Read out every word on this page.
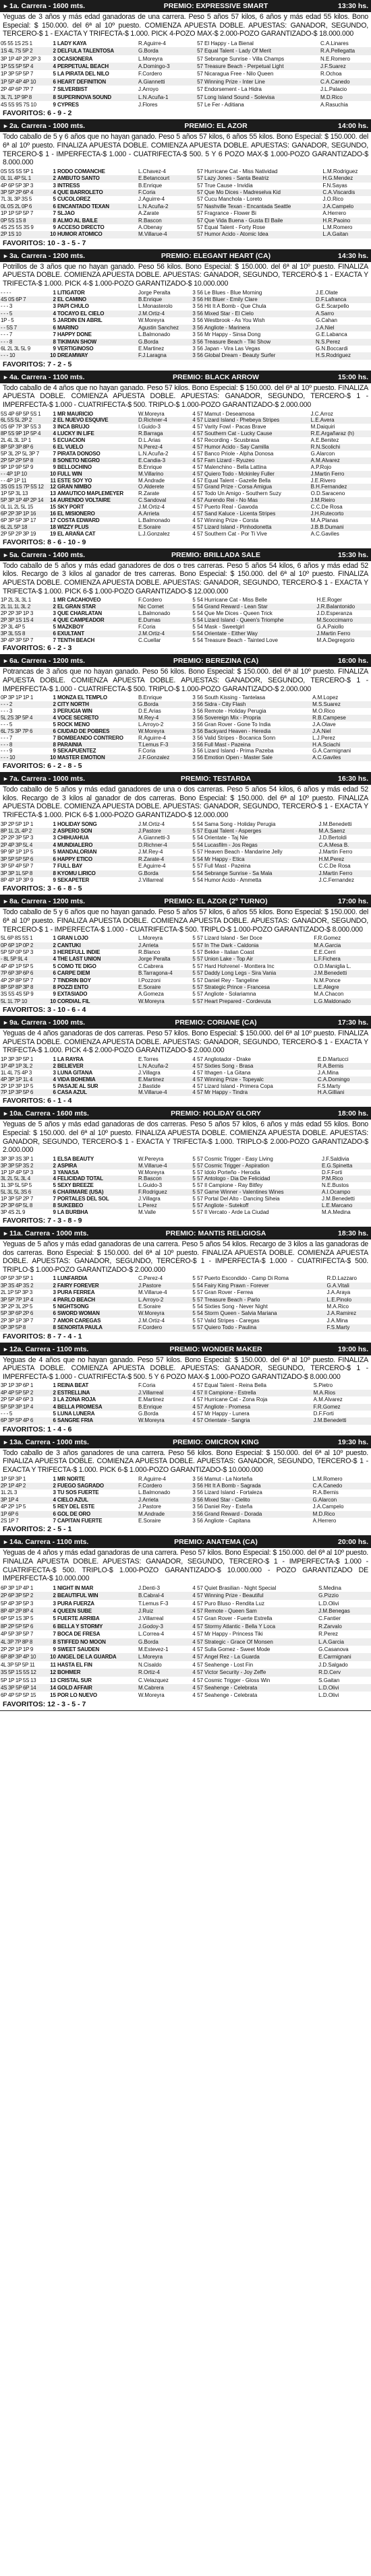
► 1a. Carrera - 1600 mts.	PREMIO: EXPRESSIVE SMART	13:30 hs.
Yeguas de 3 años y más edad ganadoras de una carrera. Peso 5 años 57 kilos, 6 años y más edad 55 kilos. Bono Especial: $ 150.000. del 6ª al 10º puesto. COMIENZA APUESTA DOBLE. APUESTAS: GANADOR, SEGUNDO, TERCERO-$ 1 - EXACTA Y TRIFECTA-$ 1.000. PICK 4-POZO MAX-$ 2.000-POZO GARANTIZADO-$ 18.000.000
05 55 1S 2S 1	1	LADY KAYA	R.Aguirre-4	57	El Happy - La Bienal	C.A.Linares
1S 4L 7S 5P 2	2	DELFULA TALENTOSA	G.Borda	57	Equal Talent - Lady Of Merit	R.A.Pellegatta
3P 1P 4P 2P 2P 3	3	OCASIONERA	L.Moreyra	57	Sebrange Sunrise - Villa Champs	N.E.Romero
1P 5S 5P 5P 4	4	PERPETUAL BEACH	A.Domingo-3	57	Treasure Beach - Perpetual Light	J.F.Suarez
1P 3P 5P 5P 7	5	LA PIRATA DEL NILO	F.Cordero	57	Nicaragua Free - Nilo Queen	R.Ochoa
1P 5P 4P 4P 10	6	HEART DEFINITION	A.Giannetti	57	Winning Prize - Inter Line	C.A.Canedo
2P 4P 6P 7P 7	7	SILVERBIST	J.Arroyo	57	Endorsement - La Hidra	J.L.Palacio
3L 7L 1P 9P 8	8	SUPERINOVA SOUND	L.N.Acuña-1	57	Long Island Sound - Solevisa	M.D.Rico
4S 5S 9S 7S 10	9	CYPRES	J.Flores	57	Le Fer - Aditiana	A.Rasuchia
FAVORITOS: 6 - 9 - 2
► 2a. Carrera - 1000 mts.	PREMIO: EL AZOR	14:00 hs.
Todo caballo de 5 y 6 años que no hayan ganado. Peso 5 años 57 kilos, 6 años 55 kilos. Bono Especial: $ 150.000. del 6ª al 10º puesto. FINALIZA APUESTA DOBLE. COMIENZA APUESTA DOBLE. APUESTAS: GANADOR, SEGUNDO, TERCERO-$ 1 - IMPERFECTA-$ 1.000 - CUATRIFECTA-$ 500. 5 Y 6 POZO MAX-$ 1.000-POZO GARANTIZADO-$ 8.000.000
0S 5S 5S 5P 1	1	RODO COMANCHE	L.Chavez-4	57	Hurricane Cat - Miss Natividad	L.M.Rodriguez
0L 1L 4P 5L 1	2	AMBUTO SANTO	E.Betancourt	57	Lazy Jones - Santa Beatriz	H.G.Mendez
4P 6P 5P 3P 3	3	INTRESS	B.Enrique	57	True Cause - Invidia	F.N.Sayas
3P 5P 2P 6P 4	4	QUE BARROLETO	F.Coria	57	Que Mo Dices - Madreselva Kid	C.A.Viscardis
7L 3L 3P 3S 5	5	CUCOLOREZ	J.Aguirre-4	57	Cucu Manchola - Loreto	J.O.Rico
0L 0S 2L 0P 6	6	ENCANTADO TEXAN	L.N.Acuña-2	57	Nashville Texan - Encantada Seattle	J.A.Campelo
1P 1P 5P 5P 7	7	SLJAO	A.Zarate	57	Fragrance - Flower Bi	A.Herrero
0P 5S 1S 8	8	ALMO AL BAILE	R.Bascon	57	Que Vida Buena - Gusta El Baile	H.R.Paoino
4S 2S 5S 3S 9	9	ACCESO DIRECTO	A.Obenay	57	Equal Talent - Forty Rose	L.M.Romero
2P 1S 10	10	HUMOR ATOMICO	M.Villarue-4	57	Humor Acido - Atomic Idea	L.A.Gaitan
FAVORITOS: 10 - 3 - 5 - 7
► 3a. Carrera - 1200 mts.	PREMIO: ELEGANT HEART (CA)	14:30 hs.
Potrillos de 3 años que no hayan ganado. Peso 56 kilos. Bono Especial: $ 150.000. del 6ª al 10º puesto. FINALIZA APUESTA DOBLE. COMIENZA APUESTA DOBLE. APUESTAS: GANADOR, SEGUNDO, TERCERO-$ 1 - EXACTA Y TRIFECTA-$ 1.000. PICK 4-$ 1.000-POZO GARANTIZADO-$ 10.000.000
- - - -	1	LITIGATOR	Jorge Peralta	3 56	Le Blues - Blue Morning	J.E.Olate
4S 0S 6P 7	2	EL CAMINO	B.Enrique	3 56	Hit Bluer - Emily Clare	D.F.Lafranca
- - - 3	3	PAPI CHULO	L.Monasterolo	3 56	Hit It A Bomb - Que Chula	G.E.Scarpello
- - - 5	4	TOCAYO EL CIELO	J.M.Ortiz-4	3 56	Mixed Star - El Cielo	A.Sarro
1P - 5	5	JARDIN EN ABRIL	W.Moreyra	3 56	Westbrook - As You Wish	G.Cahan
- - 5S 7	6	MARINO	Agustin Sanchez	3 56	Angliote - Marinera	J.A.Niel
- - - 7	7	HAPPY DONE	L.Balmonado	3 56	Mr Happy - Sinsa Dong	G.E.Labanca
- - - 8	8	TIKIMAN SHOW	G.Borda	3 56	Treasure Beach - Tiki Show	N.S.Perez
6L 2L 3L 5L 9	9	VERTIGINOSO	E.Martinez	3 56	Japan - Vira Las Vegas	G.N.Boccardi
- - - 10	10	DREAMWAY	F.J.Laragna	3 56	Global Dream - Beauty Surfer	H.S.Rodriguez
FAVORITOS: 7 - 2 - 5
► 4a. Carrera - 1100 mts.	PREMIO: BLACK ARROW	15:00 hs.
Todo caballo de 4 años que no hayan ganado. Peso 57 kilos. Bono Especial: $ 150.000. del 6ª al 10º puesto. FINALIZA APUESTA DOBLE. COMIENZA APUESTA DOBLE. APUESTAS: GANADOR, SEGUNDO, TERCERO-$ 1 - IMPERFECTA-$ 1.000 - CUATRIFECTA-$ 500. TRIPLO-$ 1.000-POZO GARANTIZADO-$ 2.000.000
5S 4P 6P 5P 5S 1	1	MR MAURICIO	W.Moreyra	4 57	Mamut - Deseamosa	J.C.Arroz
6L 5S 5L 2P 2	2	EL NUEVO ESQUIVE	D.Richner-4	4 57	Lizard Island - Phebeya Stripes	L.E.Avera
0S 6P 7P 3P 5S 3	3	INCA BRUJO	I.Guido-3	4 57	Varity Fowl - Pacas Brave	M.Daiquiri
8P 5S 9P 1P 5P 4	4	LUCKY IN LIFE	R.Barraga	4 57	Southern Cat - Lucky Cause	R.E.Argañaraz (h)
2L 4L 3L 1P 1	5	ECUACION	D.L.Arias	4 57	Recording - Scusbrasa	A.E.Benitez
8P 5P 3P 8P 6	6	EL VUELO	N.Perez-4	4 57	Humor Acido - Say Camilla	R.N.Scolichi
5P 3L 2P 5L 3P 7	7	PIRATA DONOSO	L.N.Acuña-2	4 57	Banco Priole - Alpha Donosa	G.Alarcon
2P 5P 2P 5P 8	8	SONETO NEGRO	E.Candia-3	4 57	Fam Lizard - Ryuzeo	A.M.Alvarez
9P 1P 9P 5P 9	9	BELLOCHINO	B.Enrique	4 57	Malenchino - Bella Lattina	A.P.Rojo
- - 4P 1P 10	10	FULL WIN	M.Villarino	4 57	Quiero Todo - Mckinley Fuller	J.Martin Ferro
- - 4P 1P 11	11	ESTE SOY YO	M.Andrade	4 57	Equal Talent - Gazelle Bella	J.E.Rivero
3S 0S 1S 7P 5S 12	12	GRAN NIMBO	O.Alderete	4 57	Grand Prize - Corsa Amigua	B.H.Fernandez
1P 5P 3L 13	13	AMAUTICO MAPLEMEYER	R.Zarate	4 57	Todo Un Amigo - Southern Suzy	O.D.Saraceno
5P 3P 1P 4P 2P 14	14	AURENDO VOLTAIRE	C.Sandoval	4 57	Aurendo Rei - No Mas	J.M.Rieiro
0L 1L 2L 5L 15	15	SKY PORT	J.M.Ortiz-4	4 57	Puerto Real - Gawoda	C.C.De Rosa
6P 2P 3P 1P 16	16	EL MISIONERO	A.Arrieta	4 57	Sand Kaluce - Licenta Stripes	J.H.Rutecorto
6P 3P 5P 3P 17	17	COSTA EDWARD	L.Balmonado	4 57	Winning Prize - Corsta	M.A.Planas
6L 2L 5P 18	18	WIZZY PLUS	E.Soraire	4 57	Lizard Island - Pinhodonetta	J.B.B.Dumani
2P 5P 2P 3P 19	19	EL ARAÑA CAT	L.J.Gonzalez	4 57	Southern Cat - Por Ti Vive	A.C.Gaviles
FAVORITOS: 8 - 6 - 10 - 9
► 5a. Carrera - 1400 mts.	PREMIO: BRILLADA SALE	15:30 hs.
Todo caballo de 5 años y más edad ganadores de dos o tres carreras. Peso 5 años 54 kilos, 6 años y más edad 52 kilos. Recargo de 3 kilos al ganador de tres carreras. Bono Especial: $ 150.000. del 6ª al 10º puesto. FINALIZA APUESTA DOBLE. COMIENZA APUESTA DOBLE. APUESTAS: GANADOR, SEGUNDO, TERCERO-$ 1 - EXACTA Y TRIFECTA-$ 1.000. PICK 6-$ 1.000-POZO GARANTIZADO-$ 12.000.000
1P 2L 3L 3L 1	1	MR CACAHOVEO	F.Cordero	5 54	Hurricane Cat - Miss Belle	H.E.Roger
2L 1L 1L 3L 2	2	EL GRAN STAR	Nic Cornet	5 54	Grand Reward - Lean Star	J.R.Balantonido
2P 2P 3P 1P 3	3	QUE CHARLATAN	L.Balmonado	5 54	Que Me Dices - Queen Trick	J.D.Esperanza
2P 3P 1S 1S 4	4	QUE CAMPEADOR	E.Dumas	5 54	Lizard Island - Queen's Triomphe	M.Scoccimarro
2P 3L 4P 5	5	MAZKBOY	F.Coria	5 54	Mask - Sweetgirl	G.A.Paiollo
3P 3L 5S 8	6	EXULTANT	J.M.Ortiz-4	5 54	Orientate - Either Way	J.Martin Ferro
3P 4P 3P 5P 7	7	TENTH BEACH	C.Cuellar	5 54	Treasure Beach - Tainted Love	M.A.Degregorio
FAVORITOS: 6 - 2 - 3
► 6a. Carrera - 1200 mts.	PREMIO: BEREZINA (CA)	16:00 hs.
Potrancas de 3 años que no hayan ganado. Peso 56 kilos. Bono Especial: $ 150.000. del 6ª al 10º puesto. FINALIZA APUESTA DOBLE. COMIENZA APUESTA DOBLE. APUESTAS: GANADOR, SEGUNDO, TERCERO-$ 1 - IMPERFECTA-$ 1.000 - CUATRIFECTA-$ 500. TRIPLO-$ 1.000-POZO GARANTIZADO-$ 2.000.000
0P 3P 1P 1P 1	1	MONZA EL TEMPLO	B.Enrique	3 56	South Kissing - Tantelasa	A.M.Lopez
- - - 2	2	CITY NORTH	G.Borda	3 56	Sidra - City Flash	M.S.Suarez
- - - 3	3	PERUGIA WIN	D.E.Arias	3 56	Remote - Holiday Perugia	M.O.Rico
5L 2S 3P 5P 4	4	VOCE SECRETO	M.Rey-4	3 56	Sovereign Mix - Propria	R.B.Campese
- - - 5	5	ROCK MENO	L.Arroyo-2	3 56	Gran Rover - Gone To India	J.A.Olave
6L 7S 3P 7P 6	6	CIUDAD DE POBRES	W.Moreyra	3 56	Backyard Heaven - Heredia	J.A.Niel
- - - 7	7	BOMBEANDO CONTRERO	R.Aguirre-4	3 56	Valid Stripes - Bocanica Sonn	L.J.Perez
- - - 8	8	PARAINIA	T.Lemus F-3	3 56	Full Mast - Pazeina	H.A.Sciachi
- - - 9	9	SEKAPUENTEZ	F.Coria	3 56	Lizard Island - Prima Pazeba	G.A.Carmignani
- - - 10	10	MASTER EMOTION	J.F.Gonzalez	3 56	Emotion Open - Master Sale	A.C.Gaviles
FAVORITOS: 6 - 2 - 8 - 5
► 7a. Carrera - 1000 mts.	PREMIO: TESTARDA	16:30 hs.
Todo caballo de 5 años y más edad ganadores de una o dos carreras. Peso 5 años 54 kilos, 6 años y más edad 52 kilos. Recargo de 3 kilos al ganador de dos carreras. Bono Especial: $ 150.000. del 6ª al 10º puesto. FINALIZA APUESTA DOBLE. COMIENZA APUESTA DOBLE. APUESTAS: GANADOR, SEGUNDO, TERCERO-$ 1 - EXACTA Y TRIFECTA-$ 1.000. PICK 6-$ 1.000-POZO GARANTIZADO-$ 12.000.000
3P 2P 5P 1P 1	1	HOLIDAY SONG	J.M.Ortiz-4	5 54	Sama Song - Holiday Perugia	J.M.Benedetti
8P 1L 2L 4P 2	2	ASPERO SON	J.Pastore	5 57	Equal Talent - Asperges	M.A.Saenz
2P 2P 3P 5P 3	3	CHIHUAHUA	A.Giannetti-3	5 54	Orientate - Taj Nie	J.D.Bertoldi
2P 4P 3P 5L 4	4	MUNDIALERO	D.Richner-4	5 54	Lucasfilm - Jos Regas	C.A.Mesa B.
9P 9P 1P 1P 5	5	MANDALORIAN	J.M.Rey-4	5 57	Heaven Beach - Mandarine Jelly	J.Martin Ferro
3P 5P 5P 5P 6	6	HAPPY ETICO	R.Zarate-4	5 54	Mr Happy - Etica	H.M.Perez
3P 5P 4P 5P 7	7	FULL BAY	E.Aguirre-4	5 57	Full Mast - Pazeina	C.C.De Rosa
3P 3P 1L 5P 8	8	KYOMU LIRICO	G.Borda	5 54	Sebrange Sunrise - Sa Mala	J.Martin Ferro
8P 4P 1P 3P 9	9	SEKAPETER	J.Villarreal	5 54	Humor Acido - Ammetta	J.C.Fernandez
FAVORITOS: 3 - 6 - 8 - 5
► 8a. Carrera - 1200 mts.	PREMIO: EL AZOR (2º TURNO)	17:00 hs.
Todo caballo de 5 y 6 años que no hayan ganado. Peso 5 años 57 kilos, 6 años 55 kilos. Bono Especial: $ 150.000. del 6ª al 10º puesto. FINALIZA APUESTA DOBLE. COMIENZA APUESTA DOBLE. APUESTAS: GANADOR, SEGUNDO, TERCERO-$ 1 - IMPERFECTA-$ 1.000 - CUATRIFECTA-$ 500. TRIPLO-$ 1.000-POZO GARANTIZADO-$ 8.000.000
5L 6P 8S 5S 1	1	GRAN LOJO	L.Moreyra	5 57	Lizard Island - Ser Doce	F.R.Gomez
0P 6P 1P 0P 2	2	CANTUKI	J.Arrieta	5 57	In The Dark - Caldonia	M.A.Garcia
5P 5P 0P 5P 3	3	HEREFULL INDIE	R.Blanco	5 57	Bekke - Italian Coast	E.E.Cerri
- 8L 5P 9L 4	4	THE LAST UNION	Jorge Peralta	5 57	Union Lake - Top Air	L.F.Fichera
4P 4P 1P 5P 5	5	COMO TE DIGO	C.Cabrera	5 57	Hard Hohrenel - Monttera Inc	O.D.Maniglia L.
7P 6P 3P 6P 6	6	CARPE DIEM	B.Tarragona-4	5 57	Daddy Long Legs - Sira Vania	J.M.Benedetti
4P 2P 8P 5P 7	7	TINDRIN BOY	I.Pozzoni	5 57	Daniel Rey - Tangeline	N.M.Ponce
8P 5P 8P 3P 8	8	POZZI ENTO	E.Soraire	5 57	Strategic Prince - Francesa	L.E.Alegre
3S 5S 4S 5P 9	9	EXTASIADO	A.Gomeza	5 57	Angliote - Solariamna	M.A.Chacon
5L 1L 7P 10	10	CORDIAL FIL	W.Moreyra	5 57	Heart Prepared - Cordevuta	L.G.Maldonado
FAVORITOS: 3 - 10 - 6 - 4
► 9a. Carrera - 1000 mts.	PREMIO: CORIANE (CA)	17:30 hs.
Yeguas de 4 años ganadoras de dos carreras. Peso 57 kilos. Bono Especial: $ 150.000. del 6ª al 10º puesto. FINALIZA APUESTA DOBLE. COMIENZA APUESTA DOBLE. APUESTAS: GANADOR, SEGUNDO, TERCERO-$ 1 - EXACTA Y TRIFECTA-$ 1.000. PICK 4-$ 2.000-POZO GARANTIZADO-$ 2.000.000
1P 3P 3P 5P 1	1	LA RAYRA	E.Torres	4 57	Angliotador - Drake	E.D.Martucci
1P 4P 1P 3L 2	2	BELIEVER	L.N.Acuña-2	4 57	Sixties Song - Brasa	R.A.Bernis
1L 4L 7S 4P 3	3	LUNA GITANA	J.Villagra	4 57	Ithagen - La Gitana	J.A.Mina
4P 3P 1P 1L 4	4	VIDA BOHEMIA	E.Martinez	4 57	Winning Prize - Topeyalc	C.A.Domingo
2P 1P 3P 1P 5	5	PASAJE AL SUR	J.Bastide	4 57	Lizard Island - Primera Copa	F.S.Marty
7P 1P 3P 5P 6	6	CASA AZUL	M.Villarue-4	4 57	Mr Happy - Tindra	H.A.Gilliani
FAVORITOS: 6 - 1 - 4
► 10a. Carrera - 1600 mts.	PREMIO: HOLIDAY GLORY	18:00 hs.
Yeguas de 5 años y más edad ganadoras de dos carreras. Peso 5 años 57 kilos, 6 años y más edad 55 kilos. Bono Especial: $ 150.000. del 6ª al 10º puesto. FINALIZA APUESTA DOBLE. COMIENZA APUESTA DOBLE. APUESTAS: GANADOR, SEGUNDO, TERCERO-$ 1 - EXACTA Y TRIFECTA-$ 1.000. TRIPLO-$ 2.000-POZO GARANTIZADO-$ 2.000.000
3P 3P 3S 3P 1	1	ELSA BEAUTY	W.Pereyra	5 57	Cosmic Trigger - Easy Living	J.F.Saldivia
3P 3P 5P 3S 2	2	ASPIRA	M.Villarue-4	5 57	Cosmic Trigger - Aspiration	E.G.Spinetta
1P 1P 4P 5P 3	3	YANASA	W.Moreyra	5 57	Idolo Porteño - Herodia	D.F.Forti
3L 2L 5L 3L 4	4	FELICIDAD TOTAL	R.Bascon	5 57	Antologo - Dia De Felicidad	P.M.Rico
1L 3P 5L 5P 5	5	SEXY BREEZE	L.Guido-3	5 57	Il Campione - Ray Bitfey	N.E.Bustos
5L 3L 5L 3S 6	6	CHARMARE (USA)	F.Rodriguez	5 57	Game Winner - Valentines Wines	A.I.Ocampo
1P 3P 5P 2P 7	7	PORTALES DEL SOL	J.Villagra	5 57	Portal Del Alto - Dancing Siheia	J.M.Benedetti
2P 3P 6P 5L 8	8	SUKEBEO	L.Perez	5 57	Angliote - Sutekoff	L.E.Marcano
3P 4S 2L 9	9	LA BURBHA	M.Valle	5 57	Il Vercato - Arde La Ciudad	M.A.Medina
FAVORITOS: 7 - 3 - 8 - 9
► 11a. Carrera - 1000 mts.	PREMIO: MANTIS RELIGIOSA	18:30 hs.
Yeguas de 5 años y más edad ganadoras de una carrera. Peso 5 años 54 kilos. Recargo de 3 kilos a las ganadoras de dos carreras. Bono Especial: $ 150.000. del 6ª al 10º puesto. FINALIZA APUESTA DOBLE. COMIENZA APUESTA DOBLE. APUESTAS: GANADOR, SEGUNDO, TERCERO-$ 1 - IMPERFECTA-$ 1.000 - CUATRIFECTA-$ 500. TRIPLO-$ 1.000-POZO GARANTIZADO-$ 2.000.000
0P 5P 3P 5P 1	1	LUNFARDIA	C.Perez-4	5 57	Puerto Escondido - Camp Di Roma	R.D.Lazzaro
3P 3S 4P 3S 2	2	FAIRY FOREVER	J.Pastore	5 54	Fairy King Prawn - Forever	G.A.Vitali
2L 1P 5P 3P 3	3	PURA FERREA	M.Villarue-4	5 57	Gran Rover - Ferrea	J.A.Araya
3P 5P 7P 1P 4	4	PARLO BEACH	L.Arroyo-2	5 57	Treasure Beach - Parlo	L.E.Pinolo
3P 2P 3L 2P 5	5	NIGHTSONG	E.Soraire	5 54	Sixties Song - Never Night	M.A.Rico
5P 3P 6P 2P 6	6	SWORD WOMAN	W.Moreyra	5 54	Storm Queen - Salvia Mariana	J.A.Ramirez
2P 3P 1P 3P 7	7	AMOR CAREGAS	J.M.Ortiz-4	5 57	Valid Stripes - Caregas	J.A.Mina
0P 3P 5P 8	8	SENORITA PAULA	F.Cordero	5 57	Quiero Todo - Paulina	F.S.Marty
FAVORITOS: 8 - 7 - 4 - 1
► 12a. Carrera - 1100 mts.	PREMIO: WONDER MAKER	19:00 hs.
Yeguas de 4 años que no hayan ganado. Peso 57 kilos. Bono Especial: $ 150.000. del 6ª al 10º puesto. FINALIZA APUESTA DOBLE. COMIENZA APUESTA DOBLE. APUESTAS: GANADOR, SEGUNDO, TERCERO-$ 1 - IMPERFECTA-$ 1.000 - CUATRIFECTA-$ 500. 5 Y 6 POZO MAX-$ 1.000-POZO GARANTIZADO-$ 8.000.000
3P 1P 3P 6P 1	1	REINA BEAT	F.Coria	4 57	Equal Talent - Reina Bella	S.Pietro
4P 4P 5P 5P 2	2	ESTRELLINA	J.Villarreal	4 57	Il Campione - Estrella	M.A.Rios
2P 5P 4P 6P 3	3	LA ZONA ROJA	E.Martinez	4 57	Hurricane Cat - Zona Roja	A.M.Alvarez
5P 5P 3P 1P 4	4	BELLA PROMESA	B.Enrique	4 57	Angliote - Promesa	F.R.Gomez
- - - 5	5	LUNA LUNERA	G.Borda	4 57	Mr Happy - Lunera	D.F.Forti
6P 3P 5P 4P 6	6	SANGRE FRIA	W.Moreyra	4 57	Orientate - Sangria	J.M.Benedetti
FAVORITOS: 1 - 4 - 6
► 13a. Carrera - 1000 mts.	PREMIO: OMICRON KING	19:30 hs.
Todo caballo de 3 años ganadores de una carrera. Peso 56 kilos. Bono Especial: $ 150.000. del 6ª al 10º puesto. FINALIZA APUESTA DOBLE. COMIENZA APUESTA DOBLE. APUESTAS: GANADOR, SEGUNDO, TERCERO-$ 1 - EXACTA Y TRIFECTA-$ 1.000. PICK 6-$ 1.000-POZO GARANTIZADO-$ 10.000.000
1P 5P 3P 1	1	MR NORTE	R.Aguirre-4	3 56	Mamut - La Norteña	L.M.Romero
2P 1P 4P 2	2	FUEGO SAGRADO	F.Cordero	3 56	Hit It A Bomb - Sagrada	C.A.Canedo
1L 2L 3	3	TU SOS FUERTE	L.Balmonado	3 56	Lizard Island - Fortaleza	R.A.Bernis
3P 1P 4	4	CIELO AZUL	J.Arrieta	3 56	Mixed Star - Cielito	G.Alarcon
4P 2P 1P 5	5	REY DEL ESTE	J.Pastore	3 56	Daniel Rey - Esteña	J.A.Campelo
1P 6P 6	6	GOL DE ORO	M.Andrade	3 56	Grand Reward - Dorada	M.D.Rico
2S 1P 7	7	CAPITAN FUERTE	E.Soraire	3 56	Angliote - Capitana	A.Herrero
FAVORITOS: 2 - 5 - 1
► 14a. Carrera - 1100 mts.	PREMIO: ANATEMA (CA)	20:00 hs.
Yeguas de 4 años y más edad ganadoras de una carrera. Peso 57 kilos. Bono Especial: $ 150.000. del 6ª al 10º puesto. FINALIZA APUESTA DOBLE. APUESTAS: GANADOR, SEGUNDO, TERCERO-$ 1 - IMPERFECTA-$ 1.000 - CUATRIFECTA-$ 500. TRIPLO-$ 1.000-POZO GARANTIZADO-$ 10.000.000 - POZO GARANTIZADO DE IMPERFECTA-$ 10.000.000
6P 3P 1P 4P 1	1	NIGHT IN MAR	J.Denti-3	4 57	Quiet Brasilian - Night Special	S.Medina
2P 6P 3P 5P 2	2	BEAUTIFUL WIN	B.Cabral-4	4 57	Winning Prize - Beautiful	G.Pizzio
5P 4P 3P 5P 3	3	PURA FUERZA	T.Lemus F-3	4 57	Puro Bluso - Rendita Luz	L.D.Olivi
8P 4P 2P 8P 4	4	QUEEN SUBE	J.Ruiz	4 57	Remote - Queen Sam	J.M.Benegas
6P 5P 1S 3P 5	5	FUERTE ARRIBA	J.Villarreal	4 57	Gran Rover - Fuerte Estrella	C.Fantier
8P 2P 5P 5P 6	6	BELLA Y STORMY	J.Godoy-3	4 57	Stormy Atlantic - Bella Y Loca	R.Zarvalo
4P 5P 3P 5P 7	7	BOCA DE FRESA	L.Correa-4	4 57	Mr Happy - Princess Tiki	R.Perez
4L 3P 7P 8P 8	8	STIFFED NO MOON	G.Borda	4 57	Strategic - Grace Of Monsen	L.A.Garcia
2P 2P 1P 1P 9	9	SWEET SAUDEN	M.Estevez-1	4 57	Sulla Gomez - Sweet Mode	G.Casanova
6P 8P 3P 4P 10	10	ANGEL DE LA GUARDA	L.Moreyra	4 57	Angel Rez - La Guarda	E.Carmignani
4L 3P 5P 5P 11	11	HASTA EL FIN	N.Cisaldo	4 57	Seahenge - Lost Fin	J.D.Salgado
3S 5P 1S 5S 12	12	BOHMER	R.Ortiz-4	4 57	Victor Security - Joy Zeffe	R.D.Cerv
5P 1P 1P 5S 13	13	CRISTAL SUR	C.Velazquez	4 57	Cosmic Trigger - Gloss Win	S.Gaitan
4S 3P 5P 6P 14	14	GOLD AFFAIR	M.Cabrera	4 57	Seahenge - Celebrata	L.D.Olivi
6P 4P 5P 5P 15	15	POR LO NUEVO	W.Moreyra	4 57	Seahenge - Celebrata	L.D.Olivi
FAVORITOS: 12 - 3 - 5 - 7
